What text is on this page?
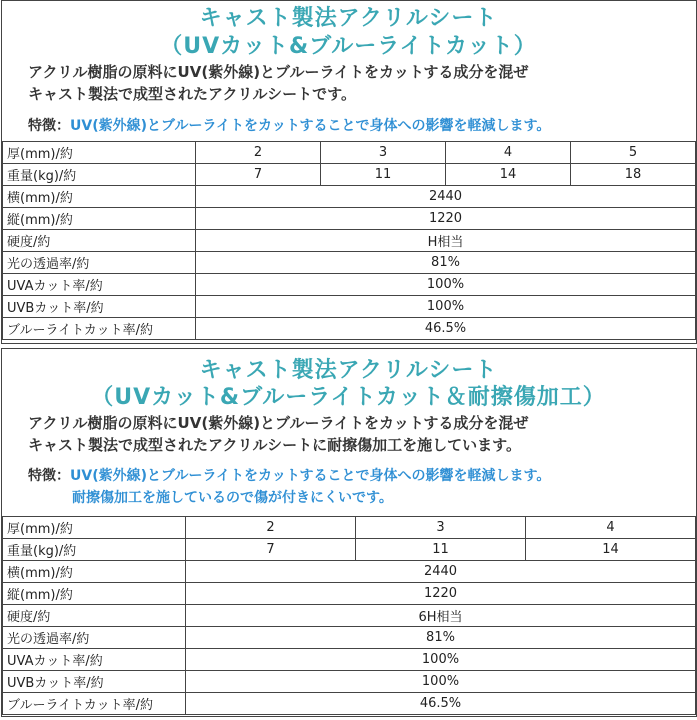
キャスト製法アクリルシート
（UVカット&ブルーライトカット）
アクリル樹脂の原料にUV(紫外線)とブルーライトをカットする成分を混ぜ
キャスト製法で成型されたアクリルシートです。
特徴：UV(紫外線)とブルーライトをカットすることで身体への影響を軽減します。
厚(mm)/約	2	3	4	5
重量(kg)/約	7	11	14	18
横(mm)/約	2440			
縦(mm)/約	1220			
硬度/約	H相当			
光の透過率/約	81%			
UVAカット率/約	100%			
UVBカット率/約	100%			
ブルーライトカット率/約	46.5%			
キャスト製法アクリルシート
（UVカット&ブルーライトカット＆耐擦傷加工）
アクリル樹脂の原料にUV(紫外線)とブルーライトをカットする成分を混ぜ
キャスト製法で成型されたアクリルシートに耐擦傷加工を施しています。
特徴：UV(紫外線)とブルーライトをカットすることで身体への影響を軽減します。
耐擦傷加工を施しているので傷が付きにくいです。
厚(mm)/約	2	3	4
重量(kg)/約	7	11	14
横(mm)/約	2440		
縦(mm)/約	1220		
硬度/約	6H相当		
光の透過率/約	81%		
UVAカット率/約	100%		
UVBカット率/約	100%		
ブルーライトカット率/約	46.5%		
